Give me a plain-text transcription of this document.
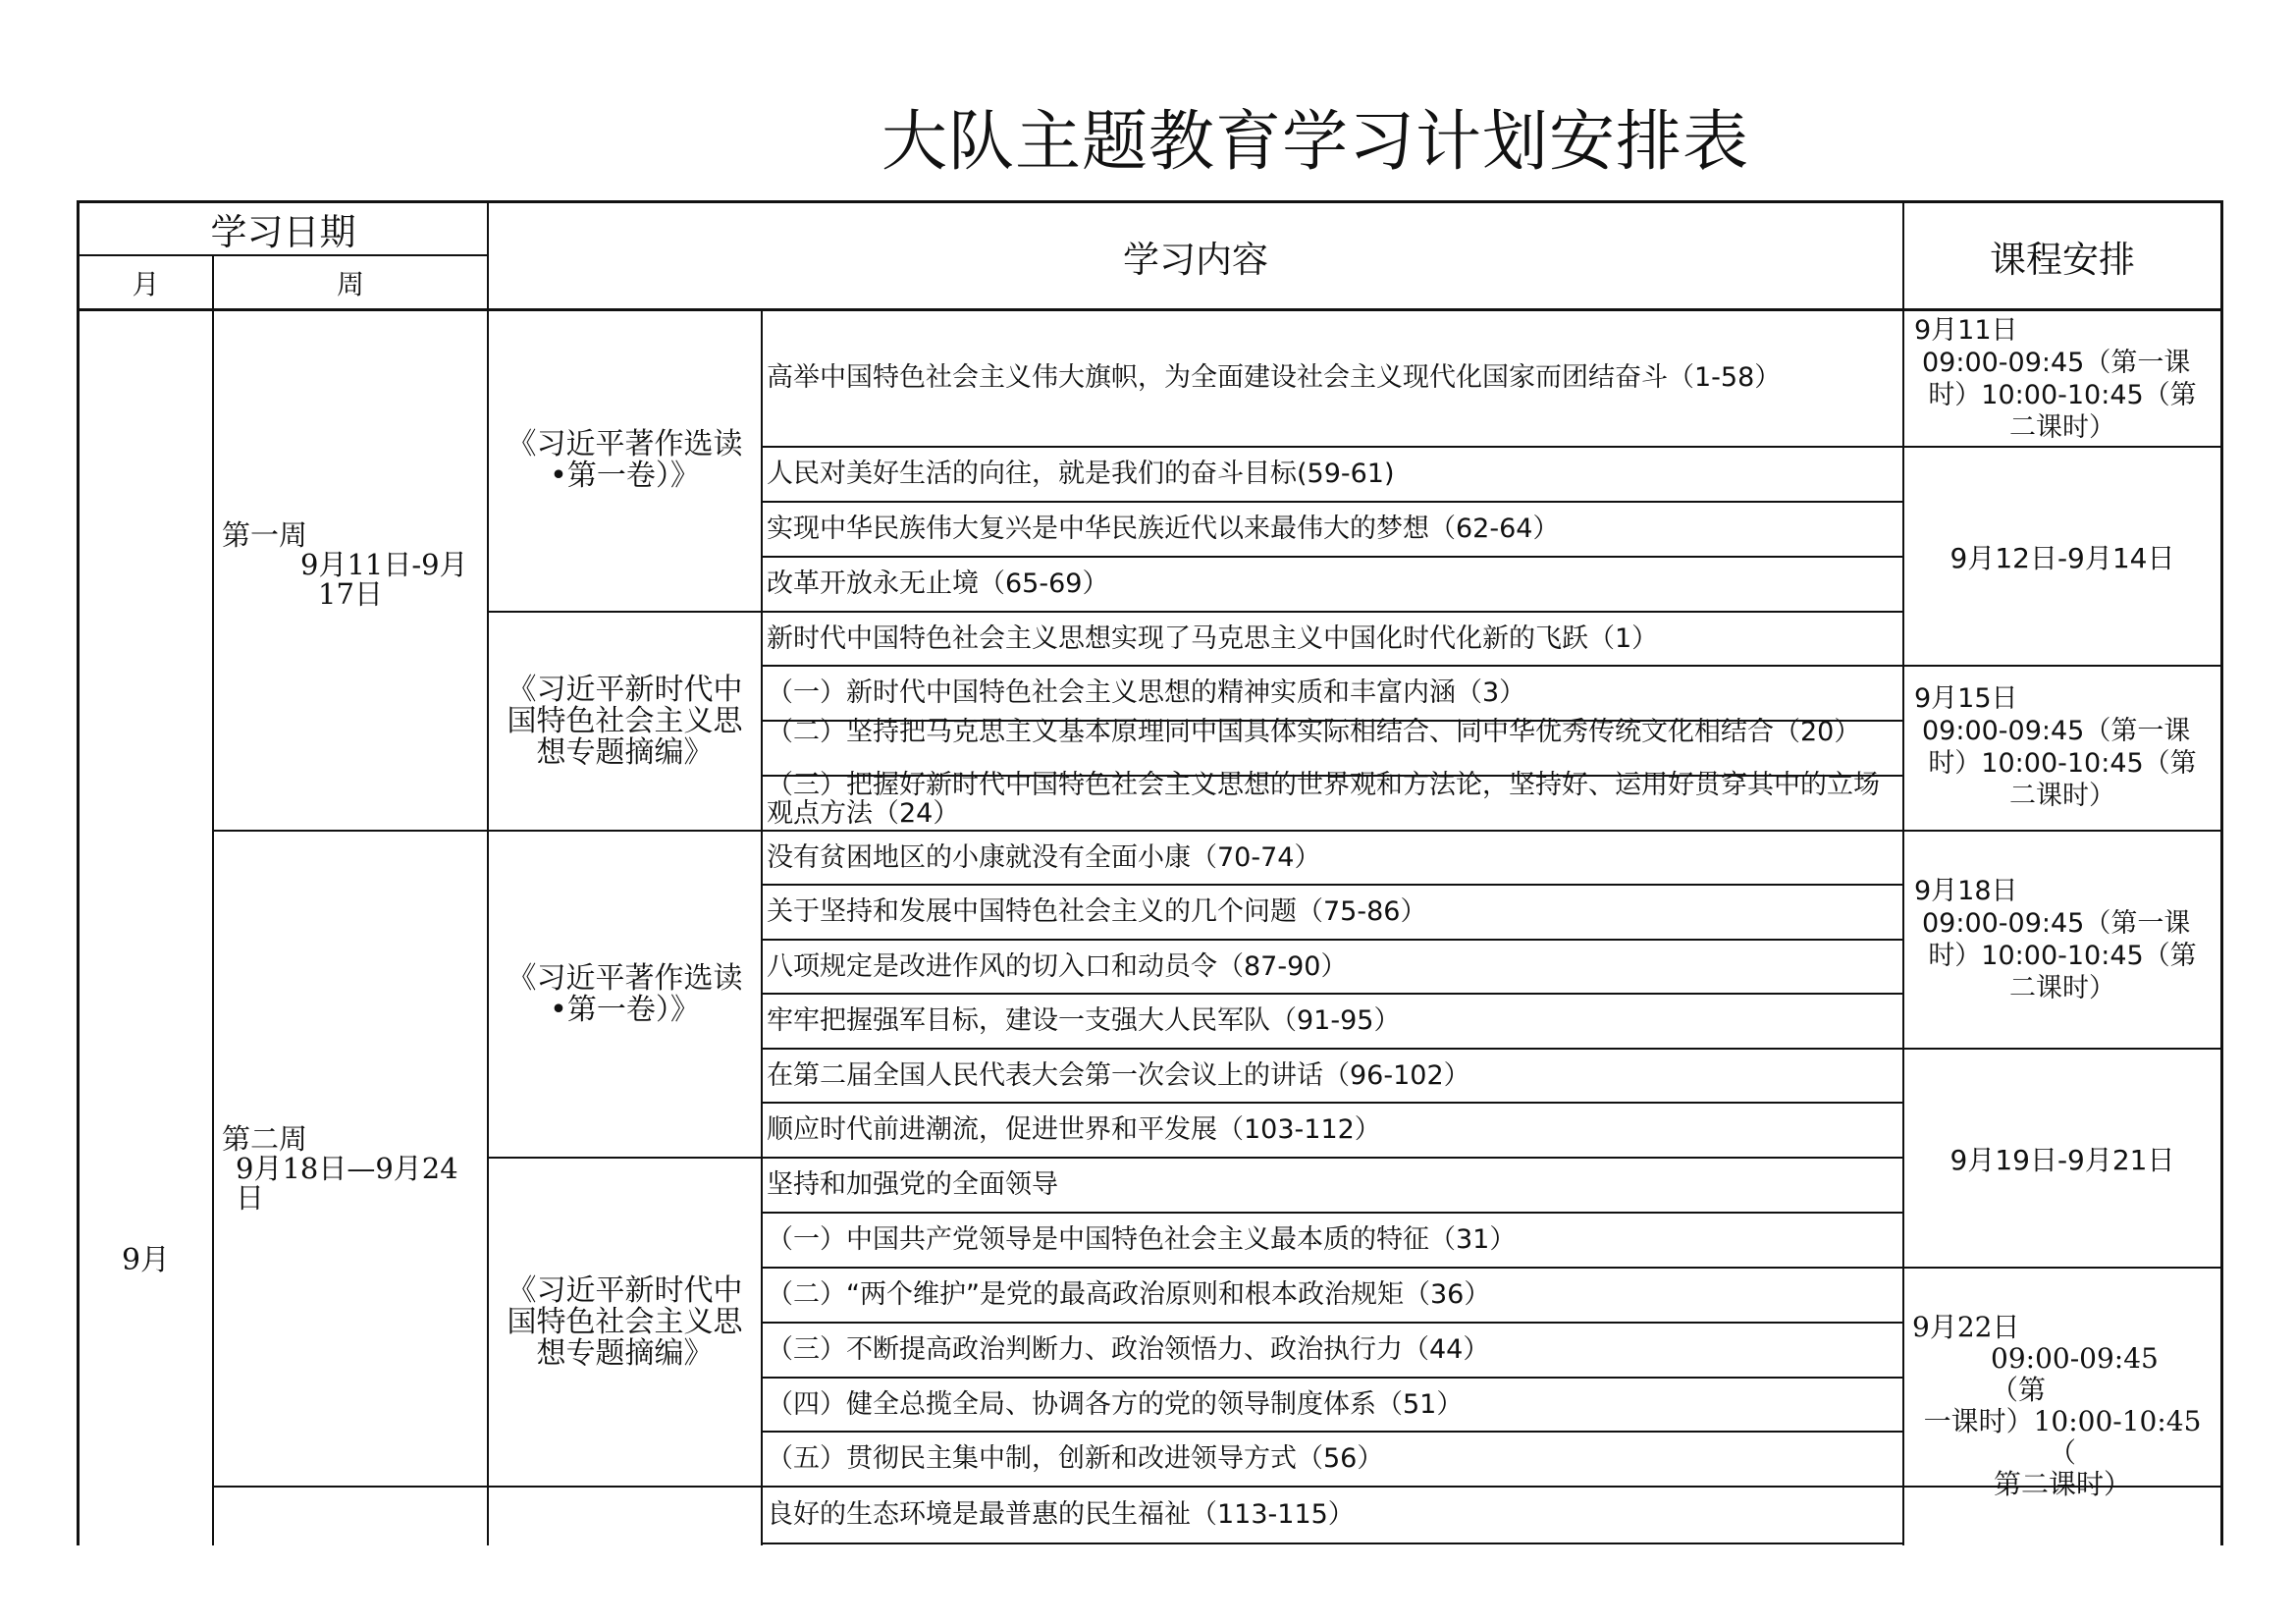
大队主题教育学习计划安排表
学习日期
月	周
学习内容	课程安排
9月
第一周
9月11日-9月
17日
第二周
9月18日—9月24日
《习近平著作选读
•第一卷）》
《习近平新时代中
国特色社会主义思
想专题摘编》
《习近平著作选读
•第一卷）》
《习近平新时代中
国特色社会主义思
想专题摘编》
高举中国特色社会主义伟大旗帜，为全面建设社会主义现代化国家而团结奋斗（1-58）
人民对美好生活的向往，就是我们的奋斗目标(59-61)
实现中华民族伟大复兴是中华民族近代以来最伟大的梦想（62-64）
改革开放永无止境（65-69）
新时代中国特色社会主义思想实现了马克思主义中国化时代化新的飞跃（1）
（一）新时代中国特色社会主义思想的精神实质和丰富内涵（3）
（二）坚持把马克思主义基本原理同中国具体实际相结合、同中华优秀传统文化相结合（20）
（三）把握好新时代中国特色社会主义思想的世界观和方法论，坚持好、运用好贯穿其中的立场观点方法（24）
没有贫困地区的小康就没有全面小康（70-74）
关于坚持和发展中国特色社会主义的几个问题（75-86）
八项规定是改进作风的切入口和动员令（87-90）
牢牢把握强军目标，建设一支强大人民军队（91-95）
在第二届全国人民代表大会第一次会议上的讲话（96-102）
顺应时代前进潮流，促进世界和平发展（103-112）
坚持和加强党的全面领导
（一）中国共产党领导是中国特色社会主义最本质的特征（31）
（二）“两个维护”是党的最高政治原则和根本政治规矩（36）
（三）不断提高政治判断力、政治领悟力、政治执行力（44）
（四）健全总揽全局、协调各方的党的领导制度体系（51）
（五）贯彻民主集中制，创新和改进领导方式（56）
良好的生态环境是最普惠的民生福祉（113-115）
9月11日
09:00-09:45（第一课
时）10:00-10:45（第
二课时）
9月12日-9月14日
9月15日
09:00-09:45（第一课
时）10:00-10:45（第
二课时）
9月18日
09:00-09:45（第一课
时）10:00-10:45（第
二课时）
9月19日-9月21日
9月22日
09:00-09:45（第
一课时）10:00-10:45（
第二课时）
